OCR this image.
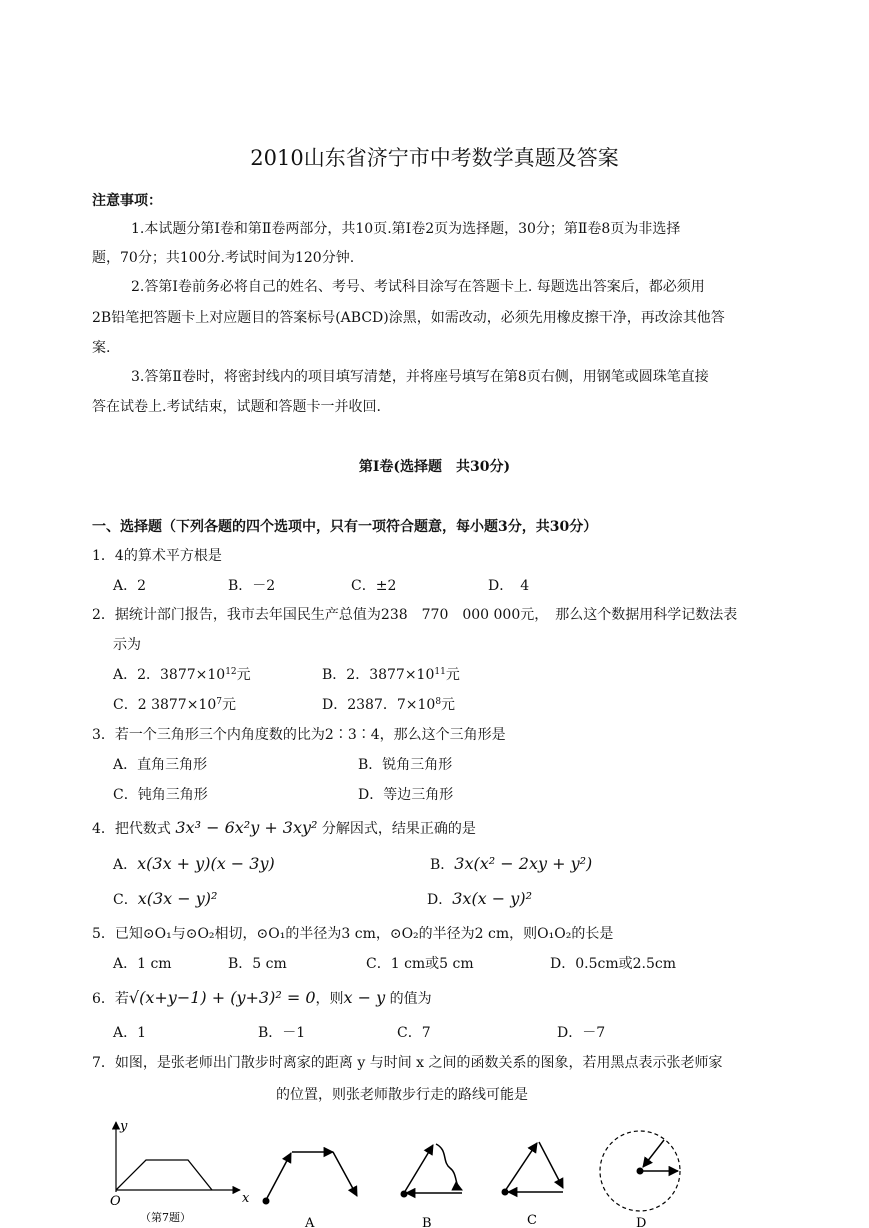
2010山东省济宁市中考数学真题及答案
注意事项：
1.本试题分第Ⅰ卷和第Ⅱ卷两部分，共10页.第Ⅰ卷2页为选择题，30分；第Ⅱ卷8页为非选择
题，70分；共100分.考试时间为120分钟.
2.答第Ⅰ卷前务必将自己的姓名、考号、考试科目涂写在答题卡上. 每题选出答案后，都必须用
2B铅笔把答题卡上对应题目的答案标号(ABCD)涂黑，如需改动，必须先用橡皮擦干净，再改涂其他答
案.
3.答第Ⅱ卷时，将密封线内的项目填写清楚，并将座号填写在第8页右侧，用钢笔或圆珠笔直接
答在试卷上.考试结束，试题和答题卡一并收回.
第Ⅰ卷(选择题　共30分)
一、选择题（下列各题的四个选项中，只有一项符合题意，每小题3分，共30分）
1．4的算术平方根是
A．2	B．－2	C．±2	D．　4
2．据统计部门报告，我市去年国民生产总值为238　770　000 000元，　那么这个数据用科学记数法表
示为
A．2．$3877\times 10^{12}$元	B．2．$3877\times 10^{11}$元
C．2 $3877\times 10^7$元	D．2387．$7\times 10^8$元
3．若一个三角形三个内角度数的比为2∶3∶4，那么这个三角形是
A．直角三角形	B．锐角三角形
C．钝角三角形	D．等边三角形
4．把代数式 3x³ − 6x²y + 3xy² 分解因式，结果正确的是
A．x(3x + y)(x − 3y)	B．3x(x² − 2xy + y²)
C．x(3x − y)²	D．3x(x − y)²
5．已知⊙O₁与⊙O₂相切，⊙O₁的半径为3 cm，⊙O₂的半径为2 cm，则O₁O₂的长是
A．1 cm	B．5 cm	C．1 cm或5 cm	D．0.5cm或2.5cm
6．若√(x+y−1) + (y+3)² = 0，则x − y 的值为
A．1	B．－1	C．7	D．－7
7．如图，是张老师出门散步时离家的距离 y 与时间 x 之间的函数关系的图象，若用黑点表示张老师家
的位置，则张老师散步行走的路线可能是
y
x
O
（第7题）	A	B	C	D
